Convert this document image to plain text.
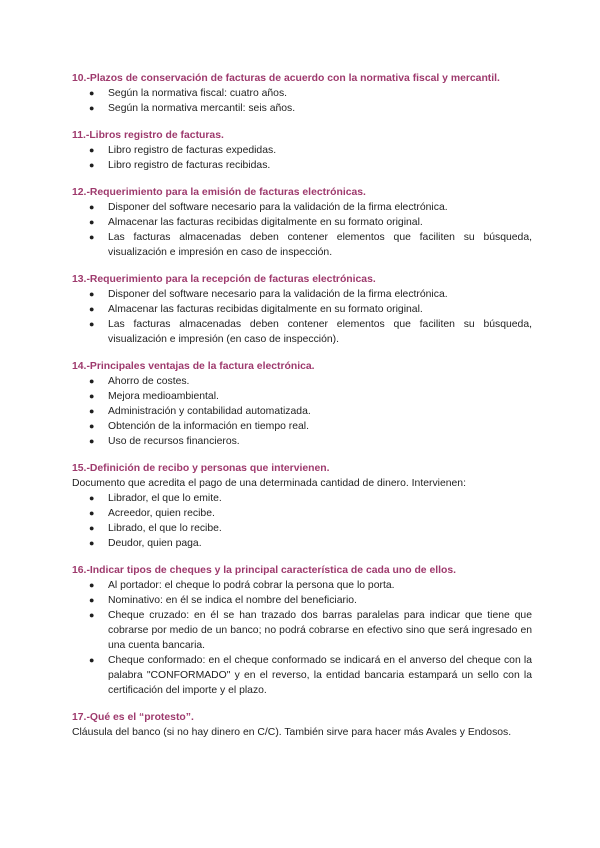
10.-Plazos de conservación de facturas de acuerdo con la normativa fiscal y mercantil.

● Según la normativa fiscal: cuatro años.
● Según la normativa mercantil: seis años.

11.-Libros registro de facturas.

● Libro registro de facturas expedidas.
● Libro registro de facturas recibidas.

12.-Requerimiento para la emisión de facturas electrónicas.

● Disponer del software necesario para la validación de la firma electrónica.
● Almacenar las facturas recibidas digitalmente en su formato original.
● Las facturas almacenadas deben contener elementos que faciliten su búsqueda, visualización e impresión en caso de inspección.

13.-Requerimiento para la recepción de facturas electrónicas.

● Disponer del software necesario para la validación de la firma electrónica.
● Almacenar las facturas recibidas digitalmente en su formato original.
● Las facturas almacenadas deben contener elementos que faciliten su búsqueda, visualización e impresión (en caso de inspección).

14.-Principales ventajas de la factura electrónica.

● Ahorro de costes.
● Mejora medioambiental.
● Administración y contabilidad automatizada.
● Obtención de la información en tiempo real.
● Uso de recursos financieros.

15.-Definición de recibo y personas que intervienen.

Documento que acredita el pago de una determinada cantidad de dinero. Intervienen:

● Librador, el que lo emite.
● Acreedor, quien recibe.
● Librado, el que lo recibe.
● Deudor, quien paga.

16.-Indicar tipos de cheques y la principal característica de cada uno de ellos.

● Al portador: el cheque lo podrá cobrar la persona que lo porta.
● Nominativo: en él se indica el nombre del beneficiario.
● Cheque cruzado: en él se han trazado dos barras paralelas para indicar que tiene que cobrarse por medio de un banco; no podrá cobrarse en efectivo sino que será ingresado en una cuenta bancaria.
● Cheque conformado: en el cheque conformado se indicará en el anverso del cheque con la palabra "CONFORMADO" y en el reverso, la entidad bancaria estampará un sello con la certificación del importe y el plazo.

17.-Qué es el “protesto”.

Cláusula del banco (si no hay dinero en C/C). También sirve para hacer más Avales y Endosos.
